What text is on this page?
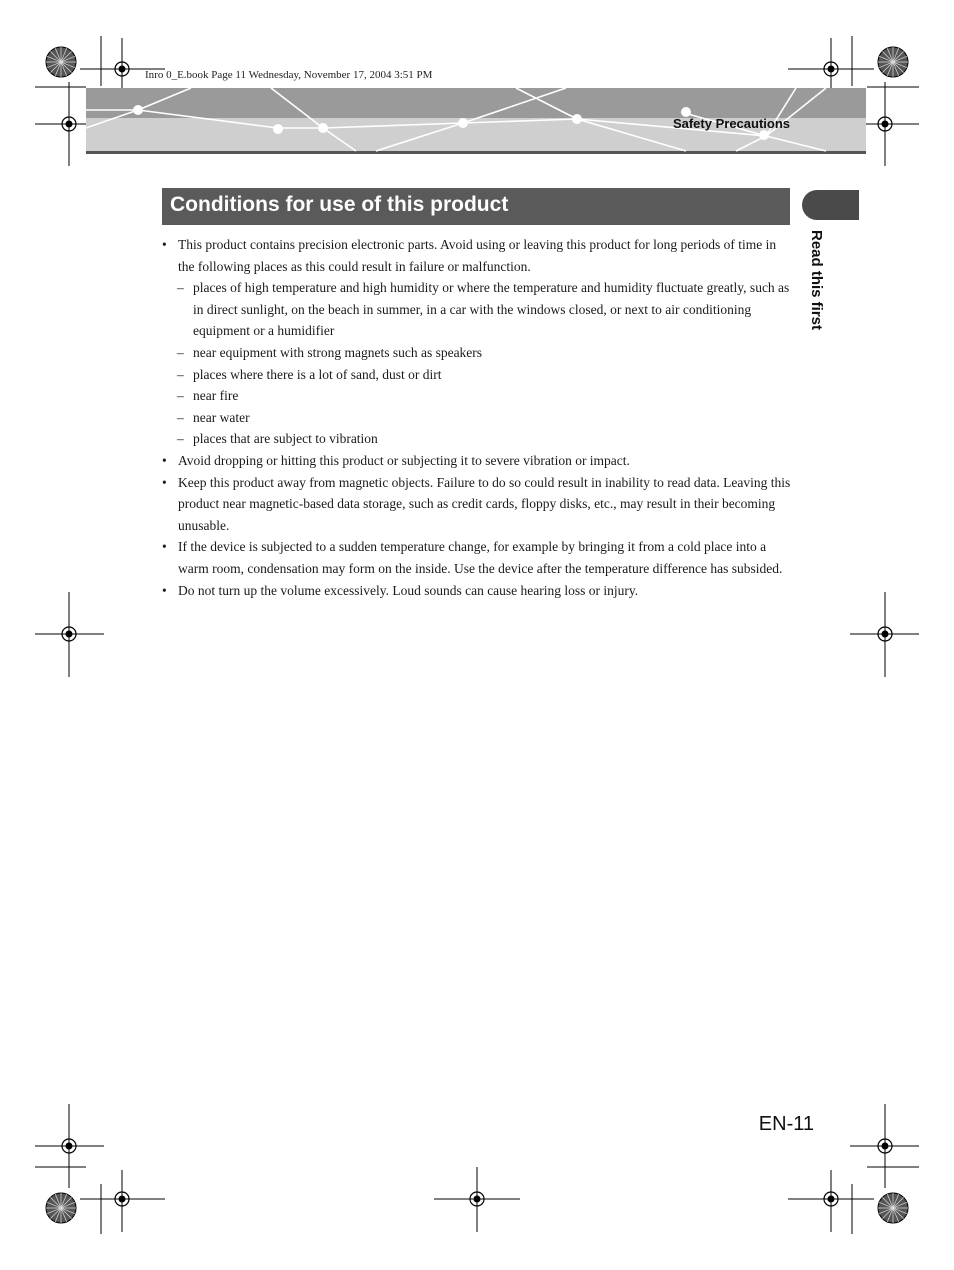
Inro 0_E.book Page 11 Wednesday, November 17, 2004 3:51 PM
Safety Precautions
Conditions for use of this product
Read this first
• This product contains precision electronic parts. Avoid using or leaving this product for long periods of time in the following places as this could result in failure or malfunction.
– places of high temperature and high humidity or where the temperature and humidity fluctuate greatly, such as in direct sunlight, on the beach in summer, in a car with the windows closed, or next to air conditioning equipment or a humidifier
– near equipment with strong magnets such as speakers
– places where there is a lot of sand, dust or dirt
– near fire
– near water
– places that are subject to vibration
• Avoid dropping or hitting this product or subjecting it to severe vibration or impact.
• Keep this product away from magnetic objects. Failure to do so could result in inability to read data. Leaving this product near magnetic-based data storage, such as credit cards, floppy disks, etc., may result in their becoming unusable.
• If the device is subjected to a sudden temperature change, for example by bringing it from a cold place into a warm room, condensation may form on the inside. Use the device after the temperature difference has subsided.
• Do not turn up the volume excessively. Loud sounds can cause hearing loss or injury.
EN-11
